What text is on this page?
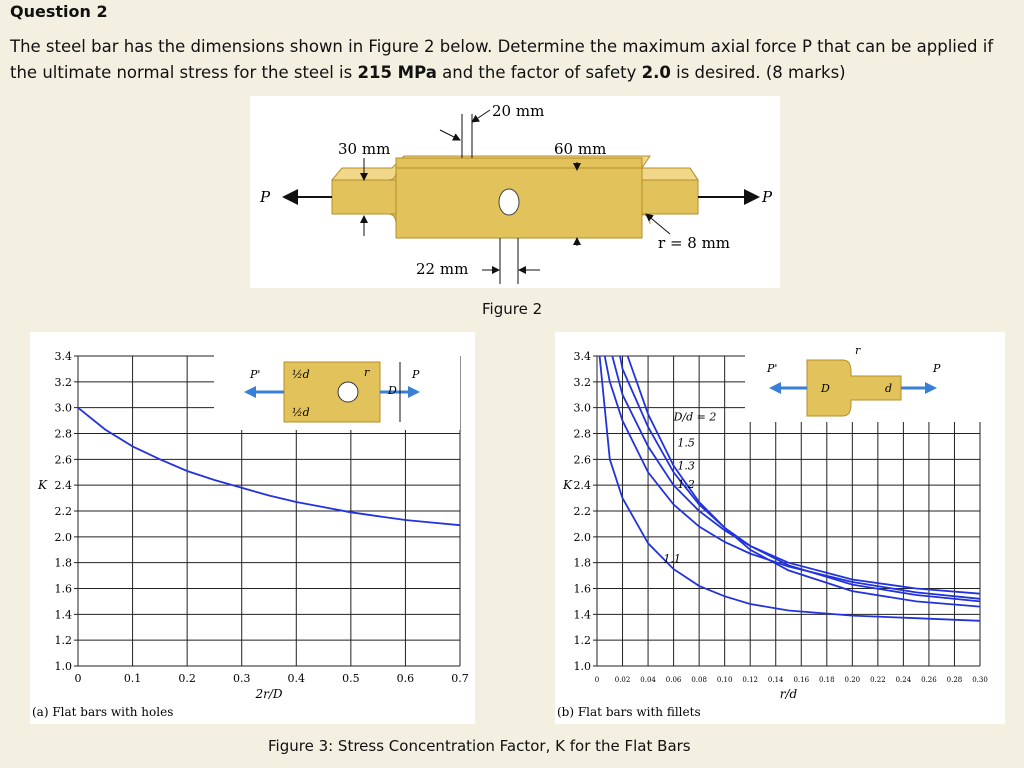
Question 2
The steel bar has the dimensions shown in Figure 2 below. Determine the maximum axial force P that can be applied if the ultimate normal stress for the steel is 215 MPa and the factor of safety 2.0 is desired. (8 marks)
P	P
20 mm
30 mm	60 mm
22 mm
r = 8 mm
Figure 2
0	0.1	0.2	0.3	0.4	0.5	0.6	0.7
1.0
1.2
1.4
1.6
1.8
2.0
2.2
2.4
2.6
2.8
3.0
3.2
3.4
K
2r/D
(a) Flat bars with holes
P'	P
½d
½d
r
D
0 0.02 0.04 0.06 0.08 0.10 0.12 0.14 0.16 0.18 0.20 0.22 0.24 0.26 0.28 0.30
1.0
1.2
1.4
1.6
1.8
2.0
2.2
2.4
2.6
2.8
3.0
3.2
3.4
K
r/d
(b) Flat bars with fillets
P'	P
D	d
r
D/d = 2
1.5
1.3
1.2
1.1
Figure 3: Stress Concentration Factor, K for the Flat Bars
